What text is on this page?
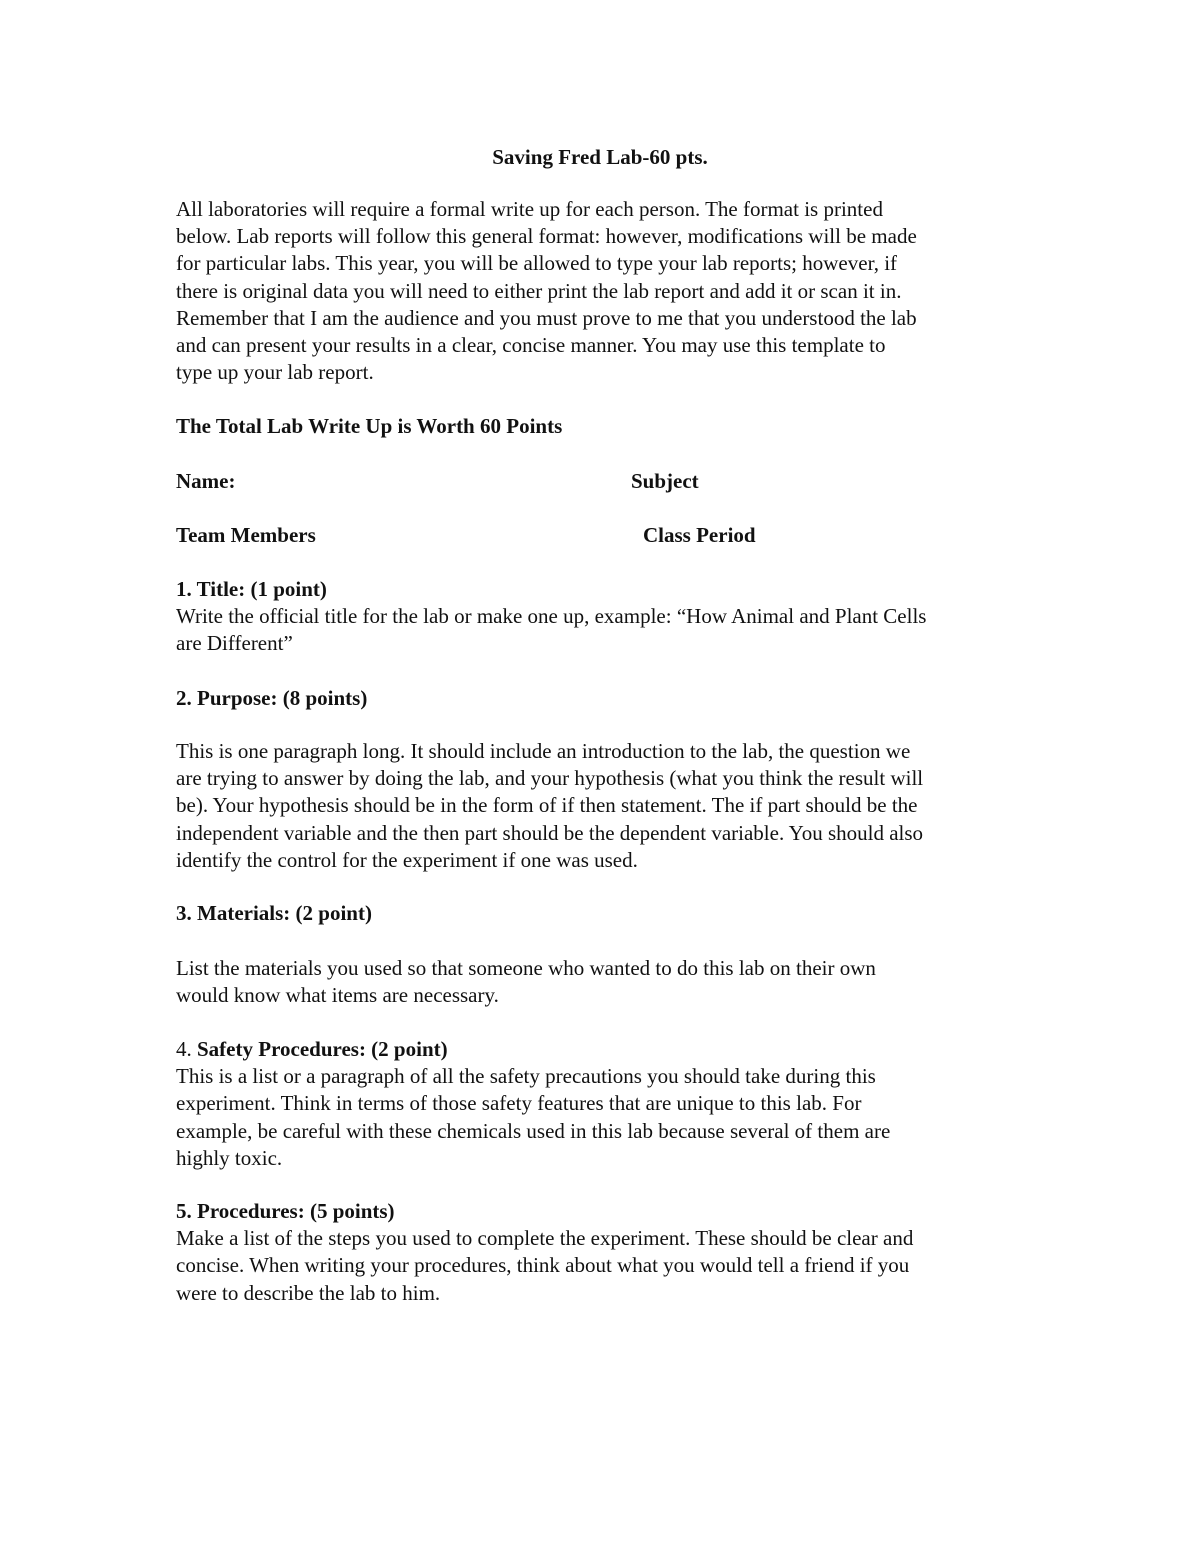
Saving Fred Lab-60 pts.
All laboratories will require a formal write up for each person. The format is printed
below. Lab reports will follow this general format: however, modifications will be made
for particular labs. This year, you will be allowed to type your lab reports; however, if
there is original data you will need to either print the lab report and add it or scan it in.
Remember that I am the audience and you must prove to me that you understood the lab
and can present your results in a clear, concise manner. You may use this template to
type up your lab report.
The Total Lab Write Up is Worth 60 Points
Name:	Subject
Team Members	Class Period
1. Title: (1 point)
Write the official title for the lab or make one up, example: “How Animal and Plant Cells
are Different”
2. Purpose: (8 points)
This is one paragraph long. It should include an introduction to the lab, the question we
are trying to answer by doing the lab, and your hypothesis (what you think the result will
be). Your hypothesis should be in the form of if then statement. The if part should be the
independent variable and the then part should be the dependent variable. You should also
identify the control for the experiment if one was used.
3. Materials: (2 point)
List the materials you used so that someone who wanted to do this lab on their own
would know what items are necessary.
4. Safety Procedures: (2 point)
This is a list or a paragraph of all the safety precautions you should take during this
experiment. Think in terms of those safety features that are unique to this lab. For
example, be careful with these chemicals used in this lab because several of them are
highly toxic.
5. Procedures: (5 points)
Make a list of the steps you used to complete the experiment. These should be clear and
concise. When writing your procedures, think about what you would tell a friend if you
were to describe the lab to him.
